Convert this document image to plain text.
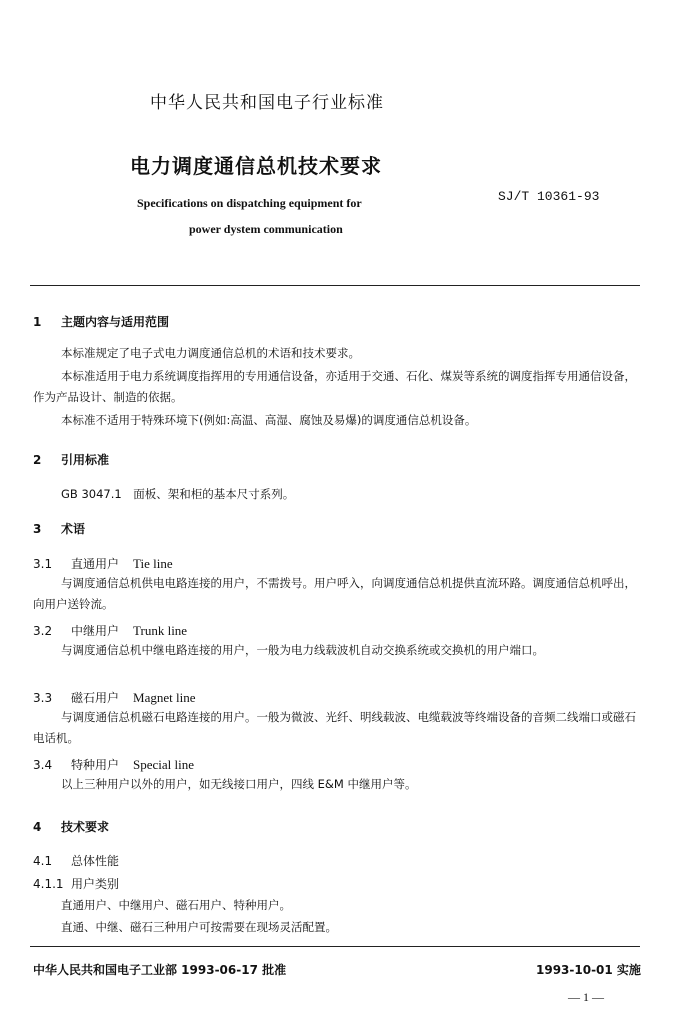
中华人民共和国电子行业标准
电力调度通信总机技术要求
Specifications on dispatching equipment for
power dystem communication
SJ/T 10361-93
1 主题内容与适用范围
本标准规定了电子式电力调度通信总机的术语和技术要求。
本标准适用于电力系统调度指挥用的专用通信设备，亦适用于交通、石化、煤炭等系统的调度指挥专用通信设备，作为产品设计、制造的依据。
本标准不适用于特殊环境下(例如:高温、高湿、腐蚀及易爆)的调度通信总机设备。
2 引用标准
GB 3047.1　面板、架和柜的基本尺寸系列。
3 术语
3.1 直通用户 Tie line
与调度通信总机供电电路连接的用户，不需拨号。用户呼入，向调度通信总机提供直流环路。调度通信总机呼出，向用户送铃流。
3.2 中继用户 Trunk line
与调度通信总机中继电路连接的用户，一般为电力线载波机自动交换系统或交换机的用户端口。
3.3 磁石用户 Magnet line
与调度通信总机磁石电路连接的用户。一般为微波、光纤、明线载波、电缆载波等终端设备的音频二线端口或磁石电话机。
3.4 特种用户 Special line
以上三种用户以外的用户，如无线接口用户，四线 E&M 中继用户等。
4 技术要求
4.1 总体性能
4.1.1 用户类别
直通用户、中继用户、磁石用户、特种用户。
直通、中继、磁石三种用户可按需要在现场灵活配置。
中华人民共和国电子工业部 1993-06-17 批准	1993-10-01 实施
— 1 —
